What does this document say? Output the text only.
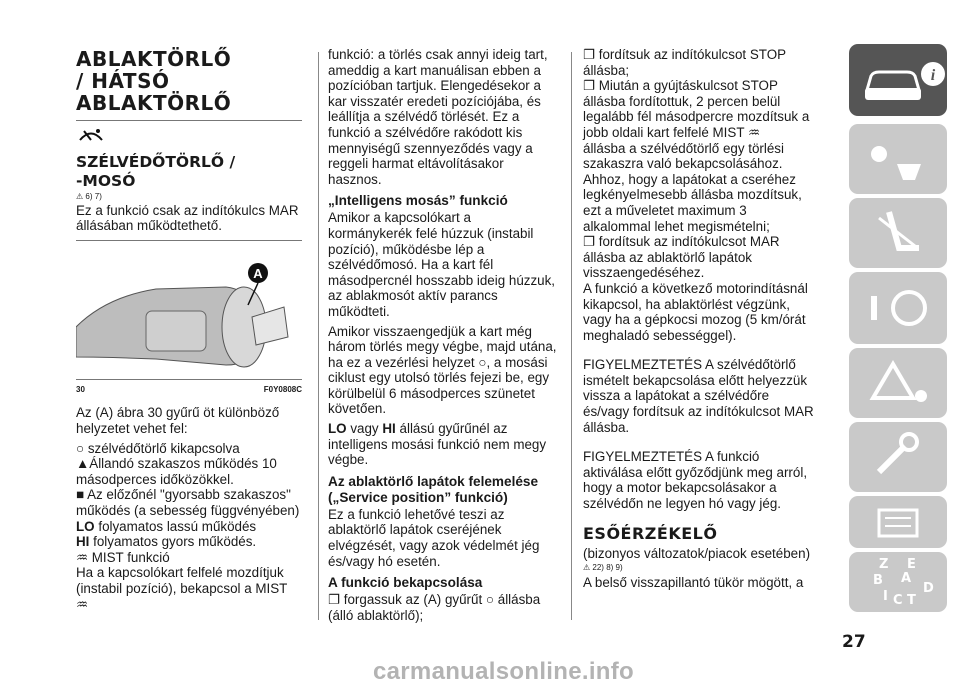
ABLAKTÖRLŐ
/ HÁTSÓ
ABLAKTÖRLŐ
SZÉLVÉDŐTÖRLŐ /
-MOSÓ
⚠ 6) 7)

Ez a funkció csak az indítókulcs MAR állásában működtethető.

A
30	F0Y0808C

Az (A) ábra 30 gyűrű öt különböző helyzetet vehet fel:

○ szélvédőtörlő kikapcsolva
▲Állandó szakaszos működés 10 másodperces időközökkel.
■ Az előzőnél "gyorsabb szakaszos" működés (a sebesség függvényében)
LO folyamatos lassú működés
HI folyamatos gyors működés.
♒ MIST funkció

Ha a kapcsolókart felfelé mozdítjuk (instabil pozíció), bekapcsol a MIST ♒

funkció: a törlés csak annyi ideig tart, ameddig a kart manuálisan ebben a pozícióban tartjuk. Elengedésekor a kar visszatér eredeti pozíciójába, és leállítja a szélvédő törlését. Ez a funkció a szélvédőre rakódott kis mennyiségű szennyeződés vagy a reggeli harmat eltávolításakor hasznos.

„Intelligens mosás” funkció

Amikor a kapcsolókart a kormánykerék felé húzzuk (instabil pozíció), működésbe lép a szélvédőmosó. Ha a kart fél másodpercnél hosszabb ideig húzzuk, az ablakmosót aktív parancs működteti.

Amikor visszaengedjük a kart még három törlés megy végbe, majd utána, ha ez a vezérlési helyzet ○, a mosási ciklust egy utolsó törlés fejezi be, egy körülbelül 6 másodperces szünetet követően.

LO vagy HI állású gyűrűnél az intelligens mosási funkció nem megy végbe.

Az ablaktörlő lapátok felemelése („Service position” funkció)

Ez a funkció lehetővé teszi az ablaktörlő lapátok cseréjének elvégzését, vagy azok védelmét jég és/vagy hó esetén.

A funkció bekapcsolása

❐ forgassuk az (A) gyűrűt ○ állásba (álló ablaktörlő);

❐ fordítsuk az indítókulcsot STOP állásba;
❐ Miután a gyújtáskulcsot STOP állásba fordítottuk, 2 percen belül legalább fél másodpercre mozdítsuk a jobb oldali kart felfelé MIST ♒
állásba a szélvédőtörlő egy törlési szakaszra való bekapcsolásához. Ahhoz, hogy a lapátokat a cseréhez legkényelmesebb állásba mozdítsuk, ezt a műveletet maximum 3 alkalommal lehet megismételni;
❐ fordítsuk az indítókulcsot MAR állásba az ablaktörlő lapátok visszaengedéséhez.

A funkció a következő motorindításnál kikapcsol, ha ablaktörlést végzünk, vagy ha a gépkocsi mozog (5 km/órát meghaladó sebességgel).

FIGYELMEZTETÉS A szélvédőtörlő ismételt bekapcsolása előtt helyezzük vissza a lapátokat a szélvédőre és/vagy fordítsuk az indítókulcsot MAR állásba.

FIGYELMEZTETÉS A funkció aktiválása előtt győződjünk meg arról, hogy a motor bekapcsolásakor a szélvédőn ne legyen hó vagy jég.

ESŐÉRZÉKELŐ
(bizonyos változatok/piacok esetében)
⚠ 22) 8) 9)

A belső visszapillantó tükör mögött, a

i
Z E
B A
I C T
D
27
carmanualsonline.info
